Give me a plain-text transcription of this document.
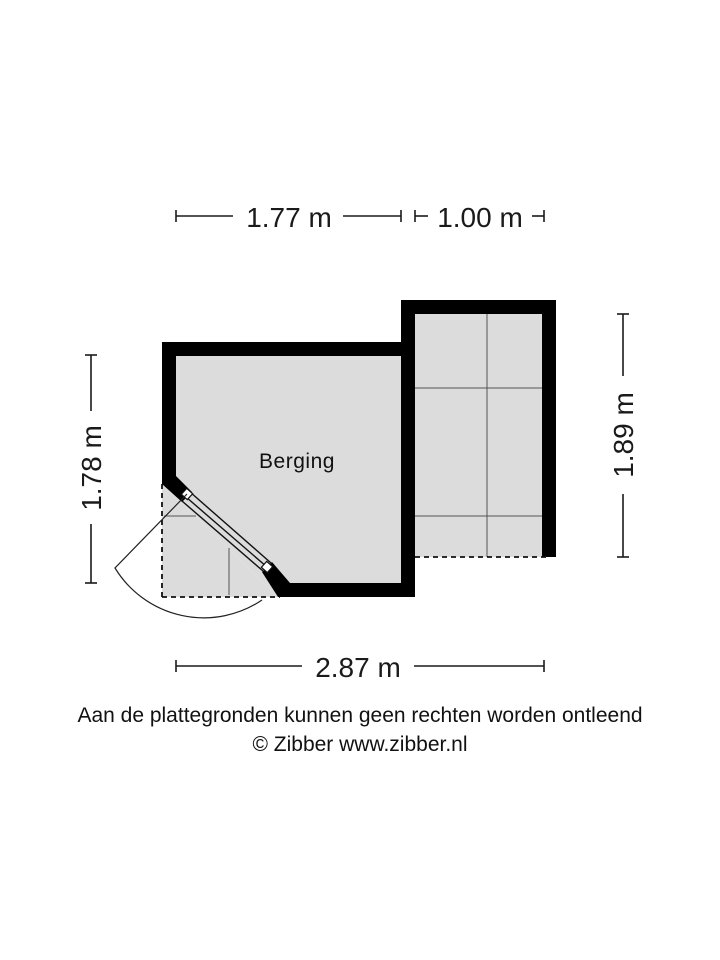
Berging
1.77 m	1.00 m
1.78 m	1.89 m
2.87 m
Aan de plattegronden kunnen geen rechten worden ontleend
© Zibber www.zibber.nl
